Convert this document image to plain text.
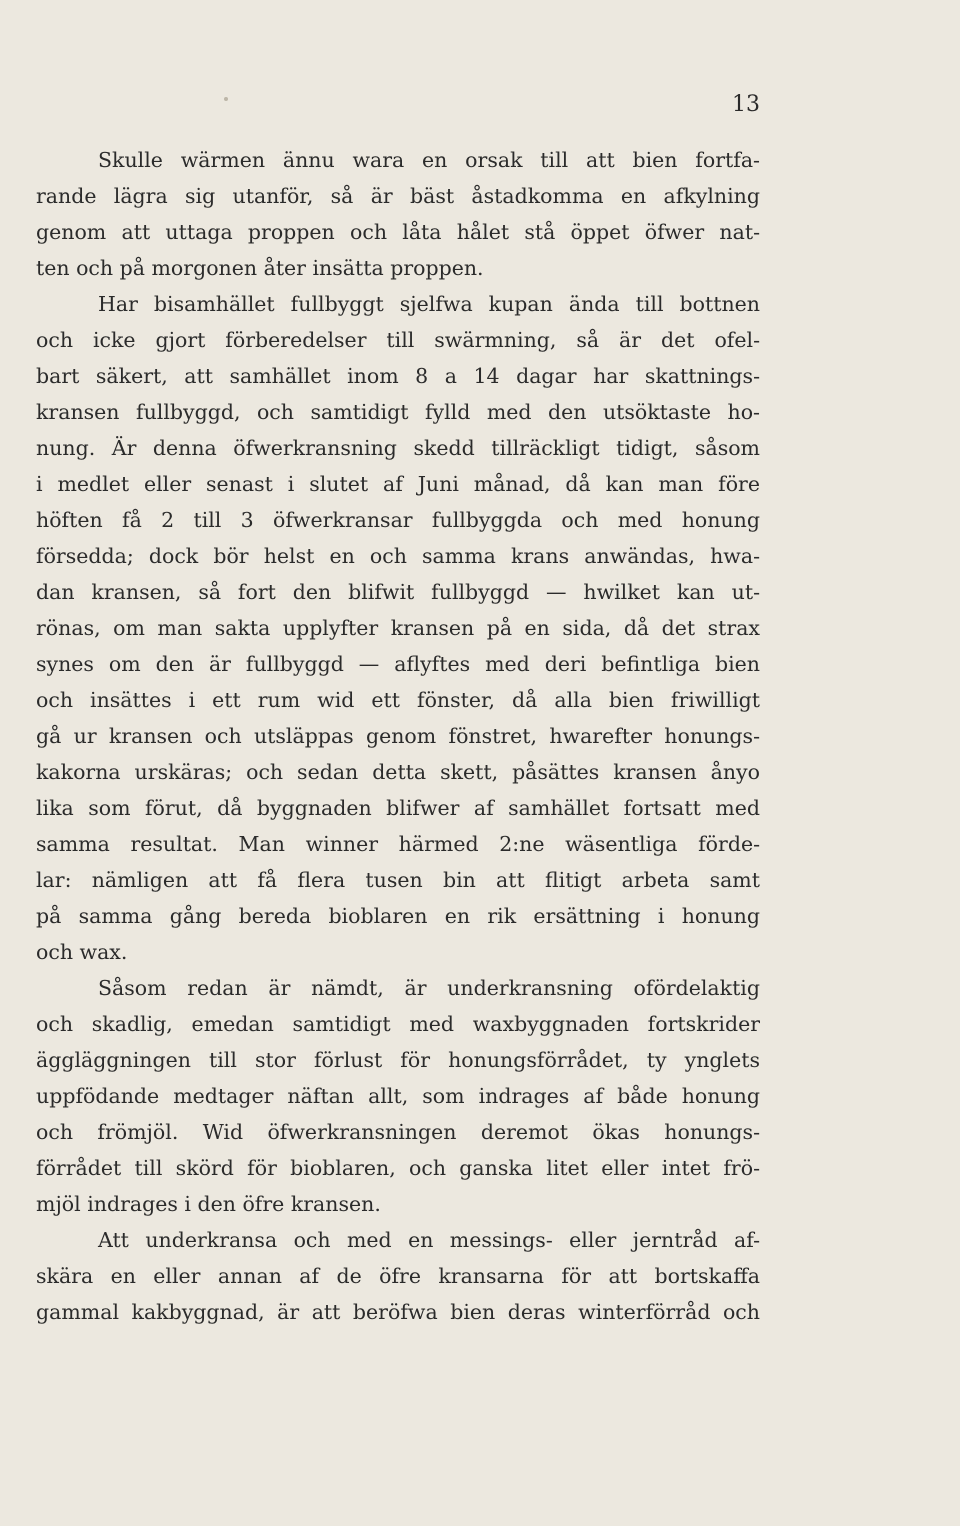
13
Skulle wärmen ännu wara en orsak till att bien fortfa-
rande lägra sig utanför, så är bäst åstadkomma en afkylning
genom att uttaga proppen och låta hålet stå öppet öfwer nat-
ten och på morgonen åter insätta proppen.
Har bisamhället fullbyggt sjelfwa kupan ända till bottnen
och icke gjort förberedelser till swärmning, så är det ofel-
bart säkert, att samhället inom 8 a 14 dagar har skattnings-
kransen fullbyggd, och samtidigt fylld med den utsöktaste ho-
nung. Är denna öfwerkransning skedd tillräckligt tidigt, såsom
i medlet eller senast i slutet af Juni månad, då kan man före
höften få 2 till 3 öfwerkransar fullbyggda och med honung
försedda; dock bör helst en och samma krans anwändas, hwa-
dan kransen, så fort den blifwit fullbyggd — hwilket kan ut-
rönas, om man sakta upplyfter kransen på en sida, då det strax
synes om den är fullbyggd — aflyftes med deri befintliga bien
och insättes i ett rum wid ett fönster, då alla bien friwilligt
gå ur kransen och utsläppas genom fönstret, hwarefter honungs-
kakorna urskäras; och sedan detta skett, påsättes kransen ånyo
lika som förut, då byggnaden blifwer af samhället fortsatt med
samma resultat. Man winner härmed 2:ne wäsentliga förde-
lar: nämligen att få flera tusen bin att flitigt arbeta samt
på samma gång bereda bioblaren en rik ersättning i honung
och wax.
Såsom redan är nämdt, är underkransning ofördelaktig
och skadlig, emedan samtidigt med waxbyggnaden fortskrider
äggläggningen till stor förlust för honungsförrådet, ty ynglets
uppfödande medtager näftan allt, som indrages af både honung
och frömjöl. Wid öfwerkransningen deremot ökas honungs-
förrådet till skörd för bioblaren, och ganska litet eller intet frö-
mjöl indrages i den öfre kransen.
Att underkransa och med en messings- eller jerntråd af-
skära en eller annan af de öfre kransarna för att bortskaffa
gammal kakbyggnad, är att beröfwa bien deras winterförråd och
